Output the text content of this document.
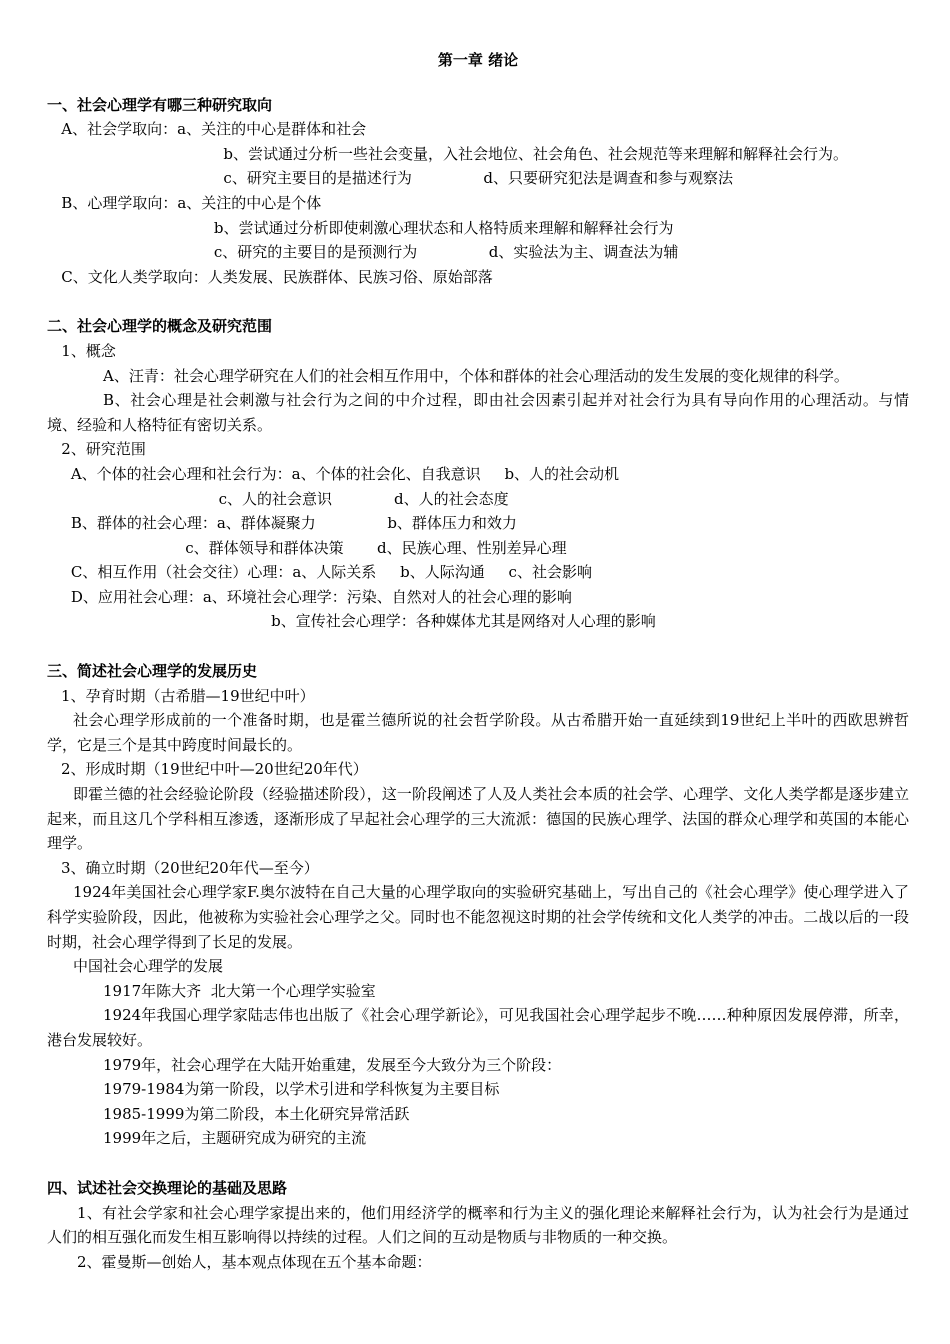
第一章 绪论

一、社会心理学有哪三种研究取向

A、社会学取向：a、关注的中心是群体和社会

b、尝试通过分析一些社会变量，入社会地位、社会角色、社会规范等来理解和解释社会行为。

c、研究主要目的是描述行为               d、只要研究犯法是调查和参与观察法

B、心理学取向：a、关注的中心是个体

b、尝试通过分析即使刺激心理状态和人格特质来理解和解释社会行为

c、研究的主要目的是预测行为               d、实验法为主、调查法为辅

C、文化人类学取向：人类发展、民族群体、民族习俗、原始部落

二、社会心理学的概念及研究范围

1、概念

A、汪青：社会心理学研究在人们的社会相互作用中，个体和群体的社会心理活动的发生发展的变化规律的科学。

B、社会心理是社会刺激与社会行为之间的中介过程，即由社会因素引起并对社会行为具有导向作用的心理活动。与情境、经验和人格特征有密切关系。

2、研究范围

A、个体的社会心理和社会行为：a、个体的社会化、自我意识     b、人的社会动机

c、人的社会意识             d、人的社会态度

B、群体的社会心理：a、群体凝聚力               b、群体压力和效力

c、群体领导和群体决策       d、民族心理、性别差异心理

C、相互作用（社会交往）心理：a、人际关系     b、人际沟通     c、社会影响

D、应用社会心理：a、环境社会心理学：污染、自然对人的社会心理的影响

b、宣传社会心理学：各种媒体尤其是网络对人心理的影响

三、简述社会心理学的发展历史

1、孕育时期（古希腊—19世纪中叶）

社会心理学形成前的一个准备时期，也是霍兰德所说的社会哲学阶段。从古希腊开始一直延续到19世纪上半叶的西欧思辨哲学，它是三个是其中跨度时间最长的。

2、形成时期（19世纪中叶—20世纪20年代）

即霍兰德的社会经验论阶段（经验描述阶段），这一阶段阐述了人及人类社会本质的社会学、心理学、文化人类学都是逐步建立起来，而且这几个学科相互渗透，逐渐形成了早起社会心理学的三大流派：德国的民族心理学、法国的群众心理学和英国的本能心理学。

3、确立时期（20世纪20年代—至今）

1924年美国社会心理学家F.奥尔波特在自己大量的心理学取向的实验研究基础上，写出自己的《社会心理学》使心理学进入了科学实验阶段，因此，他被称为实验社会心理学之父。同时也不能忽视这时期的社会学传统和文化人类学的冲击。二战以后的一段时期，社会心理学得到了长足的发展。

中国社会心理学的发展

1917年陈大齐  北大第一个心理学实验室

1924年我国心理学家陆志伟也出版了《社会心理学新论》，可见我国社会心理学起步不晚……种种原因发展停滞，所幸，港台发展较好。

1979年，社会心理学在大陆开始重建，发展至今大致分为三个阶段：

1979-1984为第一阶段，以学术引进和学科恢复为主要目标

1985-1999为第二阶段，本土化研究异常活跃

1999年之后，主题研究成为研究的主流

四、试述社会交换理论的基础及思路

1、有社会学家和社会心理学家提出来的，他们用经济学的概率和行为主义的强化理论来解释社会行为，认为社会行为是通过人们的相互强化而发生相互影响得以持续的过程。人们之间的互动是物质与非物质的一种交换。

2、霍曼斯—创始人，基本观点体现在五个基本命题：
